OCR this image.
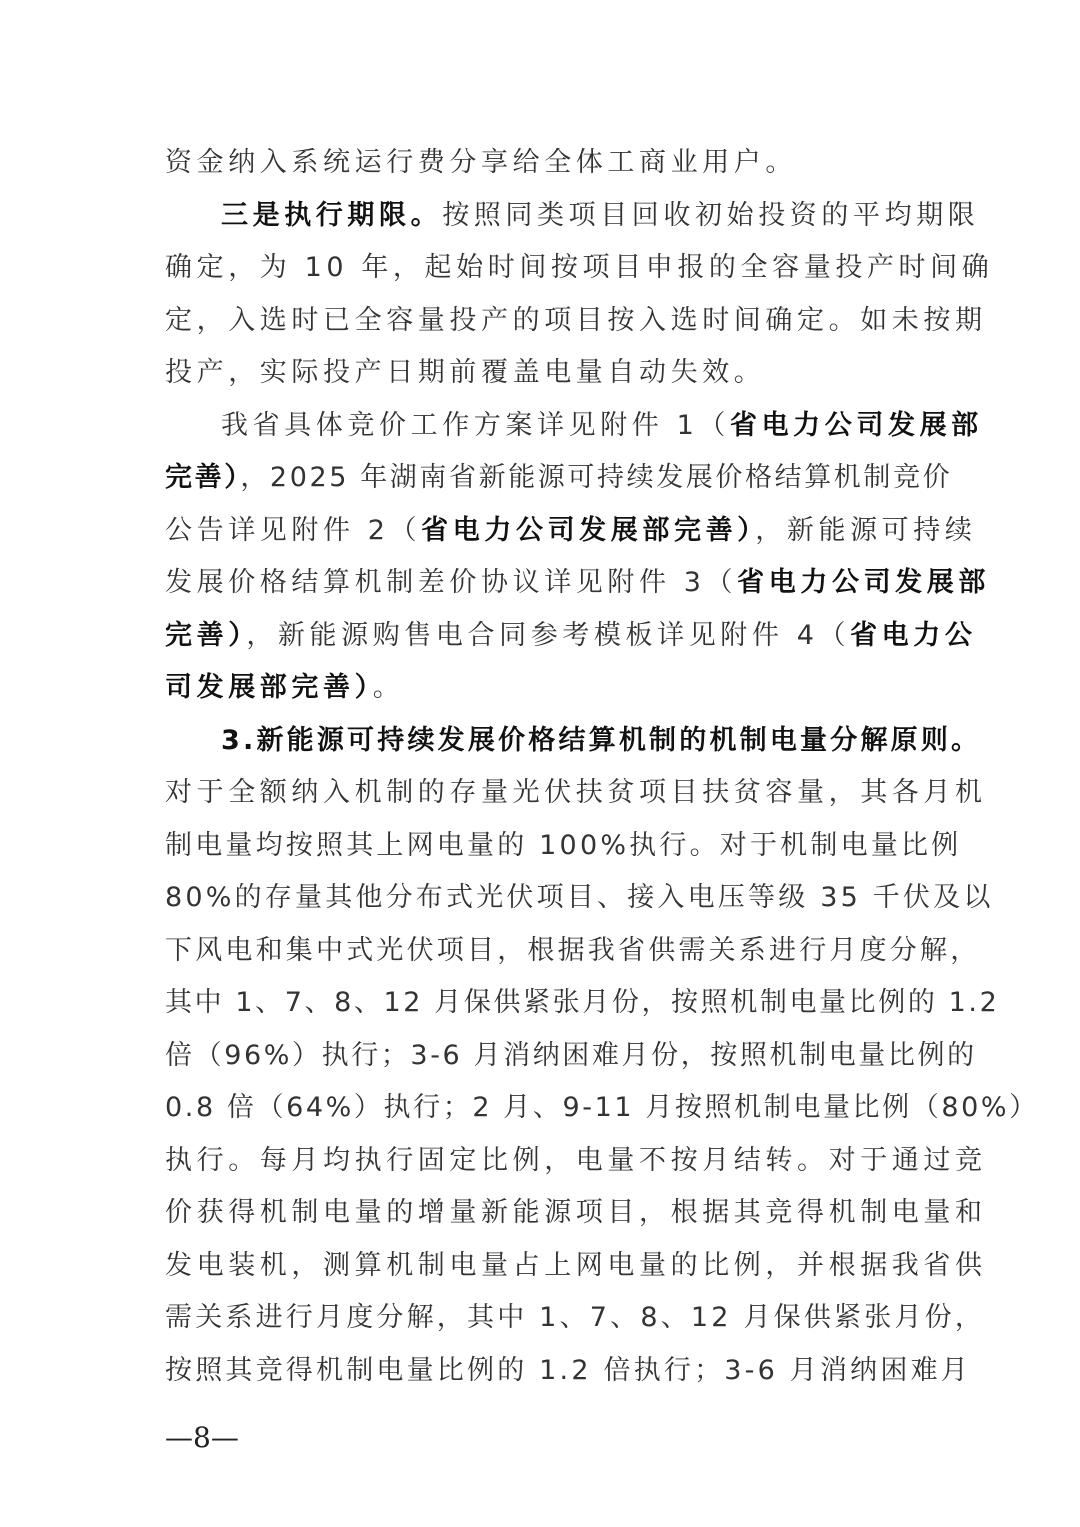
资金纳入系统运行费分享给全体工商业用户。
三是执行期限。按照同类项目回收初始投资的平均期限
确定，为 10 年，起始时间按项目申报的全容量投产时间确
定，入选时已全容量投产的项目按入选时间确定。如未按期
投产，实际投产日期前覆盖电量自动失效。
我省具体竞价工作方案详见附件 1（省电力公司发展部
完善），2025 年湖南省新能源可持续发展价格结算机制竞价
公告详见附件 2（省电力公司发展部完善），新能源可持续
发展价格结算机制差价协议详见附件 3（省电力公司发展部
完善），新能源购售电合同参考模板详见附件 4（省电力公
司发展部完善）。
3.新能源可持续发展价格结算机制的机制电量分解原则。
对于全额纳入机制的存量光伏扶贫项目扶贫容量，其各月机
制电量均按照其上网电量的 100%执行。对于机制电量比例
80%的存量其他分布式光伏项目、接入电压等级 35 千伏及以
下风电和集中式光伏项目，根据我省供需关系进行月度分解，
其中 1、7、8、12 月保供紧张月份，按照机制电量比例的 1.2
倍（96%）执行；3-6 月消纳困难月份，按照机制电量比例的
0.8 倍（64%）执行；2 月、9-11 月按照机制电量比例（80%）
执行。每月均执行固定比例，电量不按月结转。对于通过竞
价获得机制电量的增量新能源项目，根据其竞得机制电量和
发电装机，测算机制电量占上网电量的比例，并根据我省供
需关系进行月度分解，其中 1、7、8、12 月保供紧张月份，
按照其竞得机制电量比例的 1.2 倍执行；3-6 月消纳困难月
—8—
